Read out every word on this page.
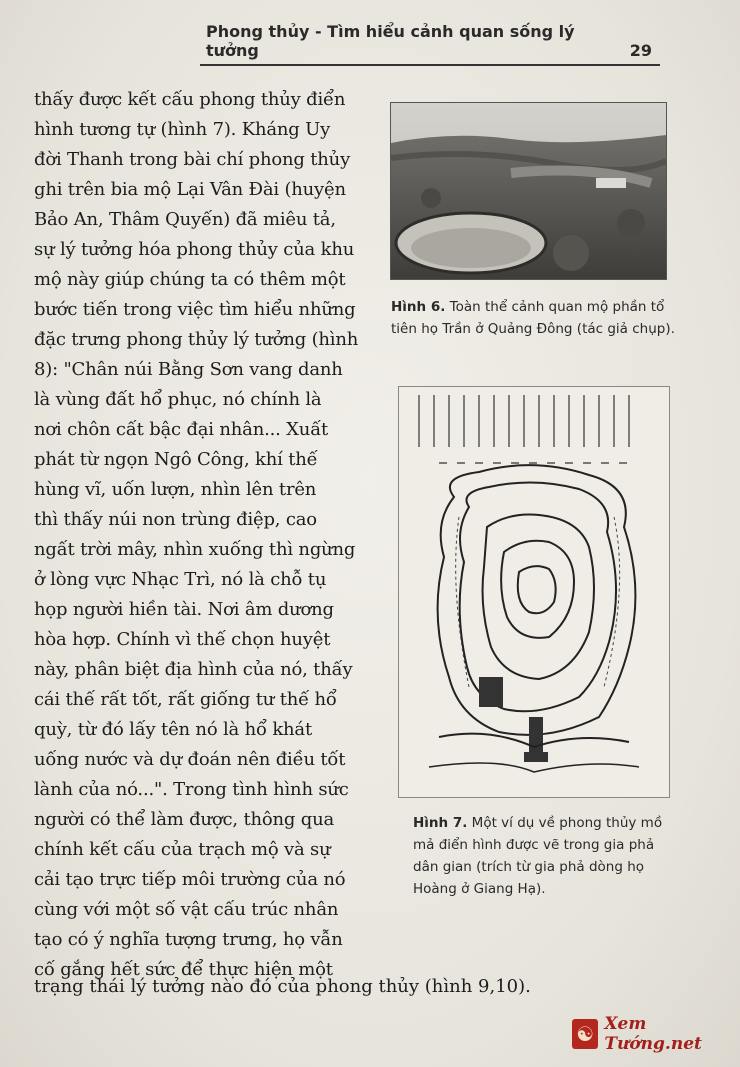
Phong thủy - Tìm hiểu cảnh quan sống lý tưởng	29
thấy được kết cấu phong thủy điển
hình tương tự (hình 7). Kháng Uy
đời Thanh trong bài chí phong thủy
ghi trên bia mộ Lại Vân Đài (huyện
Bảo An, Thâm Quyến) đã miêu tả,
sự lý tưởng hóa phong thủy của khu
mộ này giúp chúng ta có thêm một
bước tiến trong việc tìm hiểu những
đặc trưng phong thủy lý tưởng (hình
8): "Chân núi Bằng Sơn vang danh
là vùng đất hổ phục, nó chính là
nơi chôn cất bậc đại nhân... Xuất
phát từ ngọn Ngô Công, khí thế
hùng vĩ, uốn lượn, nhìn lên trên
thì thấy núi non trùng điệp, cao
ngất trời mây, nhìn xuống thì ngừng
ở lòng vực Nhạc Trì, nó là chỗ tụ
họp người hiền tài. Nơi âm dương
hòa hợp. Chính vì thế chọn huyệt
này, phân biệt địa hình của nó, thấy
cái thế rất tốt, rất giống tư thế hổ
quỳ, từ đó lấy tên nó là hổ khát
uống nước và dự đoán nên điều tốt
lành của nó...". Trong tình hình sức
người có thể làm được, thông qua
chính kết cấu của trạch mộ và sự
cải tạo trực tiếp môi trường của nó
cùng với một số vật cấu trúc nhân
tạo có ý nghĩa tượng trưng, họ vẫn
cố gắng hết sức để thực hiện một
trạng thái lý tưởng nào đó của phong thủy (hình 9,10).
Hình 6. Toàn thể cảnh quan mộ phần tổ tiên họ Trần ở Quảng Đông (tác giả chụp).
Hình 7. Một ví dụ về phong thủy mồ mả điển hình được vẽ trong gia phả dân gian (trích từ gia phả dòng họ Hoàng ở Giang Hạ).
☯ Xem Tướng.net
